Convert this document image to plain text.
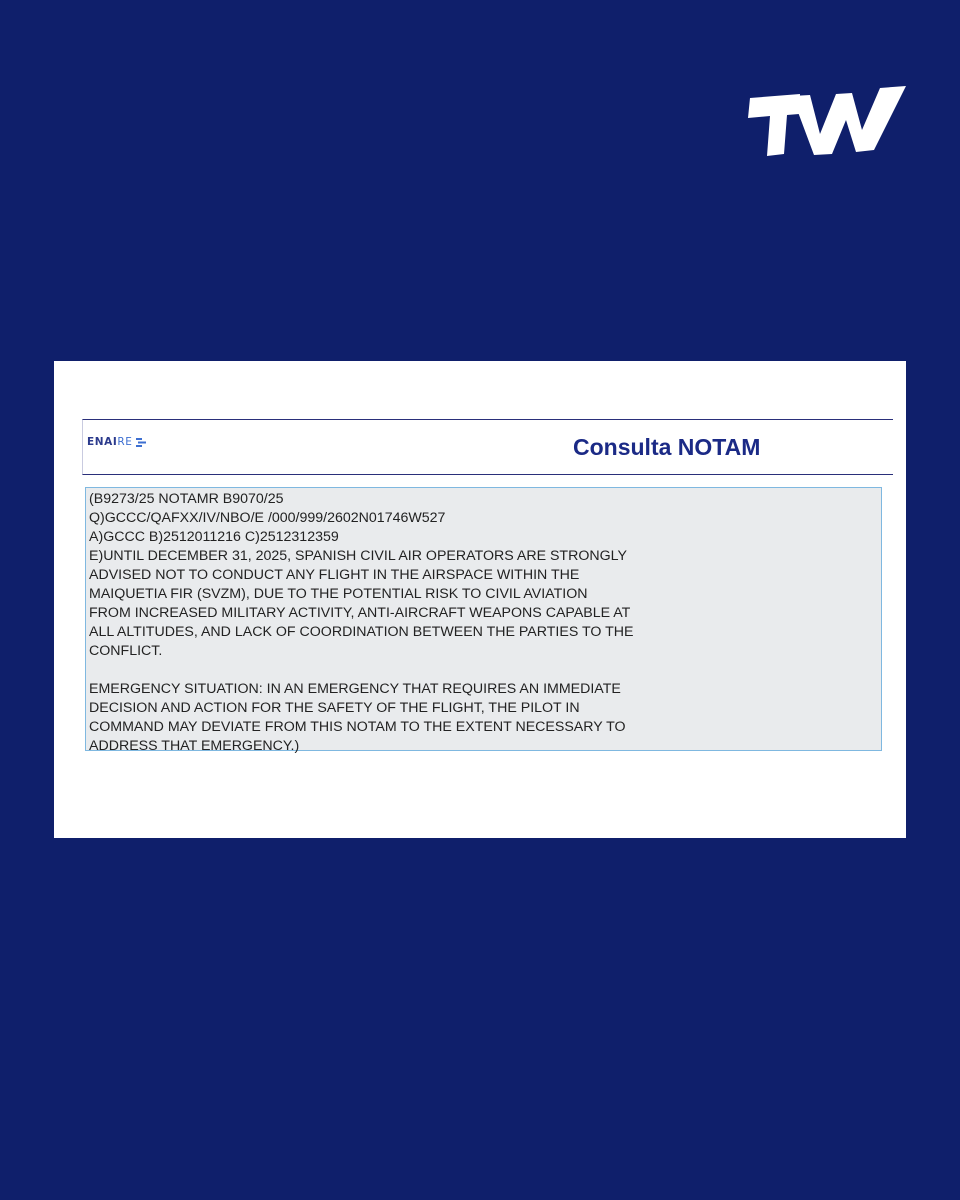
ENAI RE	Consulta NOTAM

(B9273/25 NOTAMR B9070/25

Q)GCCC/QAFXX/IV/NBO/E /000/999/2602N01746W527

A)GCCC B)2512011216 C)2512312359

E)UNTIL DECEMBER 31, 2025, SPANISH CIVIL AIR OPERATORS ARE STRONGLY

ADVISED NOT TO CONDUCT ANY FLIGHT IN THE AIRSPACE WITHIN THE

MAIQUETIA FIR (SVZM), DUE TO THE POTENTIAL RISK TO CIVIL AVIATION

FROM INCREASED MILITARY ACTIVITY, ANTI-AIRCRAFT WEAPONS CAPABLE AT

ALL ALTITUDES, AND LACK OF COORDINATION BETWEEN THE PARTIES TO THE

CONFLICT.

EMERGENCY SITUATION: IN AN EMERGENCY THAT REQUIRES AN IMMEDIATE

DECISION AND ACTION FOR THE SAFETY OF THE FLIGHT, THE PILOT IN

COMMAND MAY DEVIATE FROM THIS NOTAM TO THE EXTENT NECESSARY TO

ADDRESS THAT EMERGENCY.)
